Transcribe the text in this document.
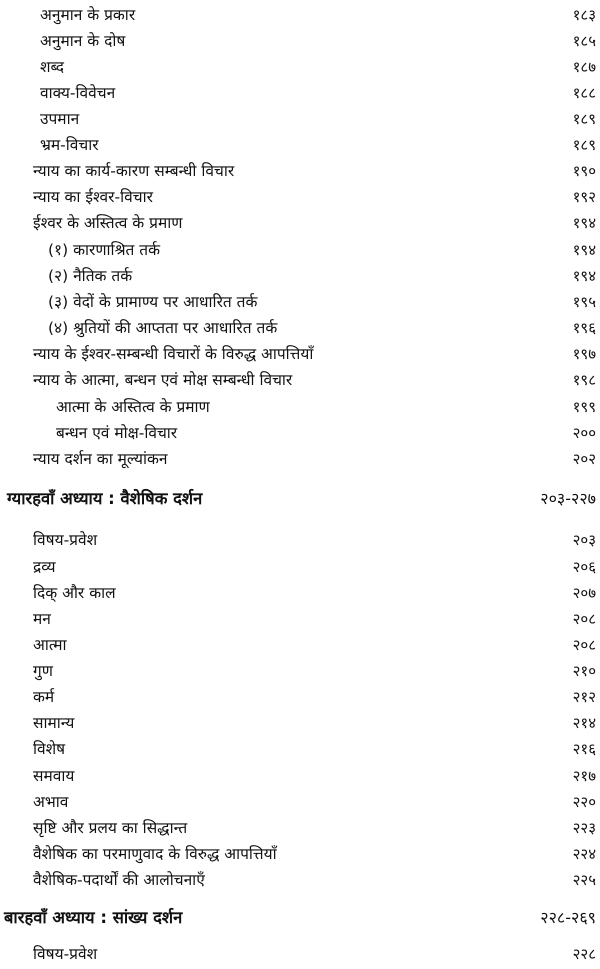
अनुमान के प्रकार	१८३
अनुमान के दोष	१८५
शब्द	१८७
वाक्य-विवेचन	१८८
उपमान	१८९
भ्रम-विचार	१८९
न्याय का कार्य-कारण सम्बन्धी विचार	१९०
न्याय का ईश्वर-विचार	१९२
ईश्वर के अस्तित्व के प्रमाण	१९४
(१) कारणाश्रित तर्क	१९४
(२) नैतिक तर्क	१९४
(३) वेदों के प्रामाण्य पर आधारित तर्क	१९५
(४) श्रुतियों की आप्तता पर आधारित तर्क	१९६
न्याय के ईश्वर-सम्बन्धी विचारों के विरुद्ध आपत्तियाँ	१९७
न्याय के आत्मा, बन्धन एवं मोक्ष सम्बन्धी विचार	१९८
आत्मा के अस्तित्व के प्रमाण	१९९
बन्धन एवं मोक्ष-विचार	२००
न्याय दर्शन का मूल्यांकन	२०२
ग्यारहवाँ अध्याय : वैशेषिक दर्शन	२०३-२२७
विषय-प्रवेश	२०३
द्रव्य	२०६
दिक् और काल	२०७
मन	२०८
आत्मा	२०८
गुण	२१०
कर्म	२१२
सामान्य	२१४
विशेष	२१६
समवाय	२१७
अभाव	२२०
सृष्टि और प्रलय का सिद्धान्त	२२३
वैशेषिक का परमाणुवाद के विरुद्ध आपत्तियाँ	२२४
वैशेषिक-पदार्थों की आलोचनाएँ	२२५
बारहवाँ अध्याय : सांख्य दर्शन	२२८-२६९
विषय-प्रवेश	२२८
